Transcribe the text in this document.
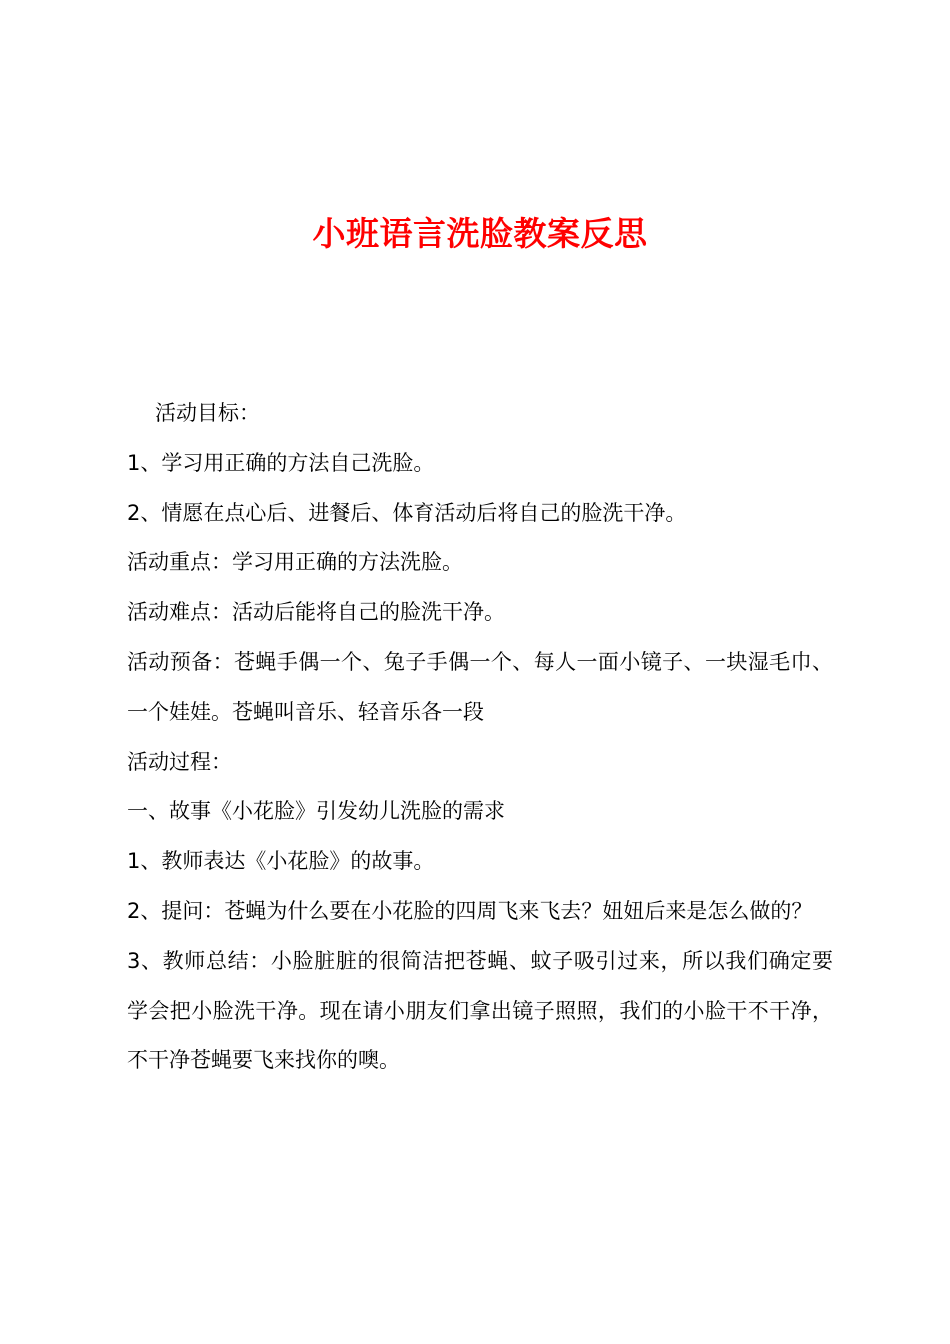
小班语言洗脸教案反思

活动目标：

1、学习用正确的方法自己洗脸。

2、情愿在点心后、进餐后、体育活动后将自己的脸洗干净。

活动重点：学习用正确的方法洗脸。

活动难点：活动后能将自己的脸洗干净。

活动预备：苍蝇手偶一个、兔子手偶一个、每人一面小镜子、一块湿毛巾、一个娃娃。苍蝇叫音乐、轻音乐各一段

活动过程：

一、故事《小花脸》引发幼儿洗脸的需求

1、教师表达《小花脸》的故事。

2、提问：苍蝇为什么要在小花脸的四周飞来飞去？妞妞后来是怎么做的？

3、教师总结：小脸脏脏的很简洁把苍蝇、蚊子吸引过来，所以我们确定要学会把小脸洗干净。现在请小朋友们拿出镜子照照，我们的小脸干不干净，不干净苍蝇要飞来找你的噢。
